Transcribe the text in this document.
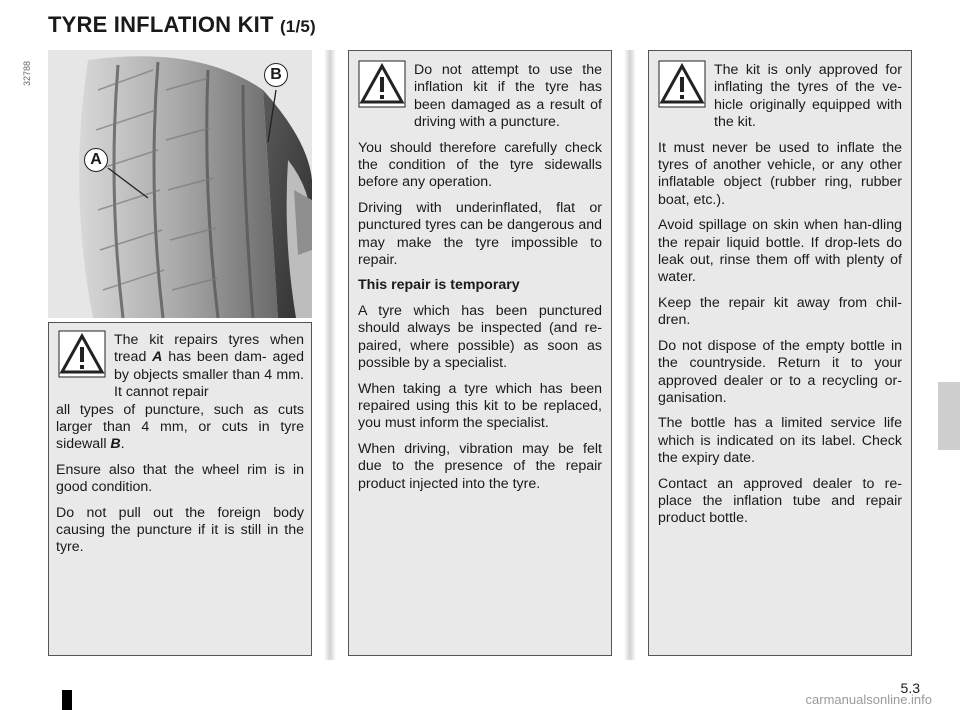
TYRE INFLATION KIT (1/5)
32788
A
B
The kit repairs tyres when tread A has been dam- aged by objects smaller than 4 mm. It cannot repair

all types of puncture, such as cuts larger than 4 mm, or cuts in tyre sidewall B.

Ensure also that the wheel rim is in good condition.

Do not pull out the foreign body causing the puncture if it is still in the tyre.

Do not attempt to use the inflation kit if the tyre has been damaged as a result of driving with a puncture.

You should therefore carefully check the condition of the tyre sidewalls before any operation.

Driving with underinflated, flat or punctured tyres can be dangerous and may make the tyre impossible to repair.

This repair is temporary

A tyre which has been punctured should always be inspected (and re-paired, where possible) as soon as possible by a specialist.

When taking a tyre which has been repaired using this kit to be replaced, you must inform the specialist.

When driving, vibration may be felt due to the presence of the repair product injected into the tyre.

The kit is only approved for inflating the tyres of the ve-hicle originally equipped with the kit.

It must never be used to inflate the tyres of another vehicle, or any other inflatable object (rubber ring, rubber boat, etc.).

Avoid spillage on skin when han-dling the repair liquid bottle. If drop-lets do leak out, rinse them off with plenty of water.

Keep the repair kit away from chil-dren.

Do not dispose of the empty bottle in the countryside. Return it to your approved dealer or to a recycling or-ganisation.

The bottle has a limited service life which is indicated on its label. Check the expiry date.

Contact an approved dealer to re-place the inflation tube and repair product bottle.

5.3
carmanualsonline.info
